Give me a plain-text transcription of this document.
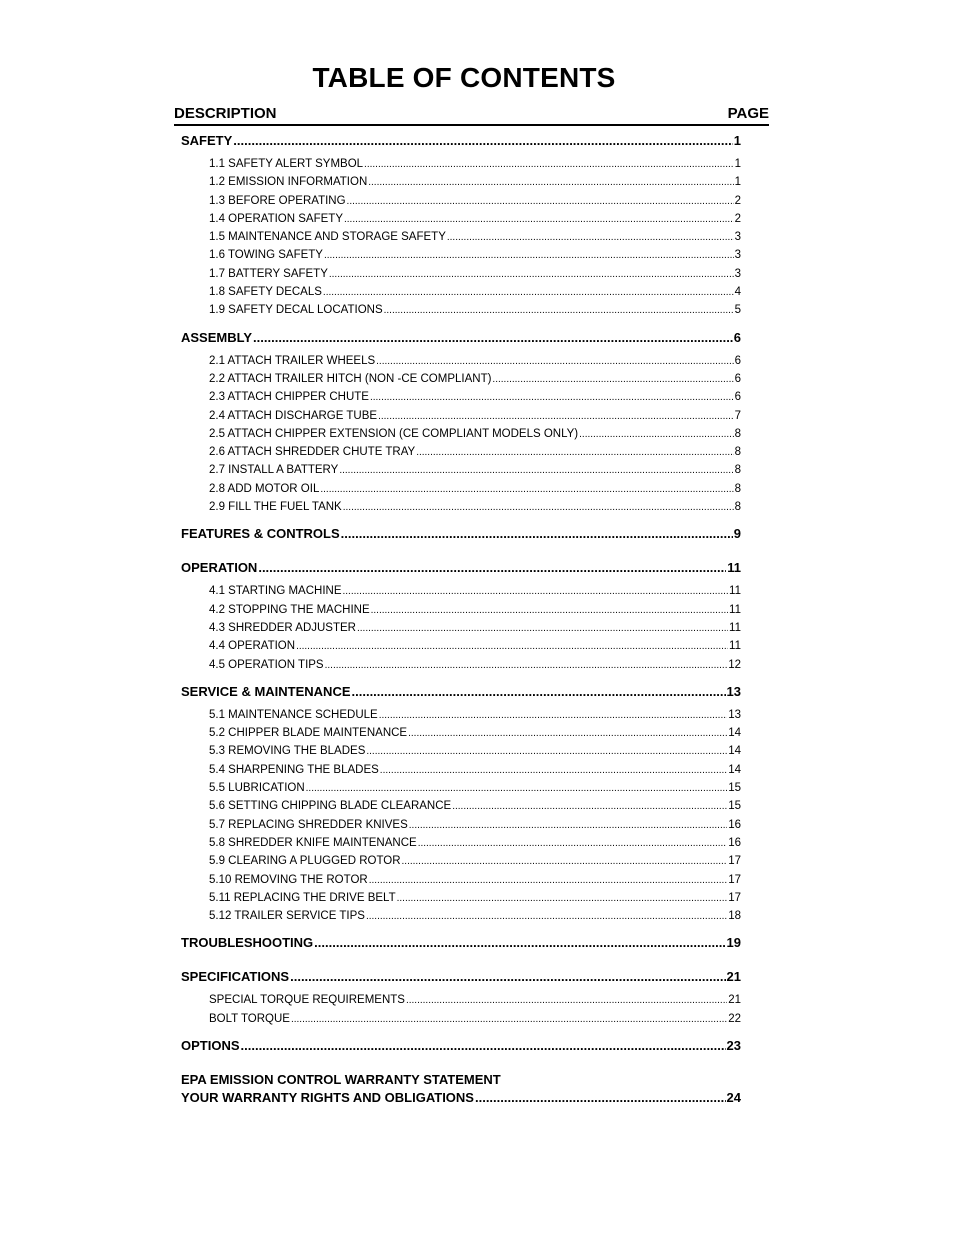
TABLE OF CONTENTS
DESCRIPTION	PAGE
SAFETY .....	1
1.1 SAFETY ALERT SYMBOL .....	1
1.2 EMISSION INFORMATION .....	1
1.3 BEFORE OPERATING .....	2
1.4 OPERATION SAFETY .....	2
1.5 MAINTENANCE AND STORAGE SAFETY .....	3
1.6 TOWING SAFETY .....	3
1.7 BATTERY SAFETY .....	3
1.8 SAFETY DECALS .....	4
1.9 SAFETY DECAL LOCATIONS .....	5
ASSEMBLY .....	6
2.1 ATTACH TRAILER WHEELS .....	6
2.2 ATTACH TRAILER HITCH (NON -CE COMPLIANT) .....	6
2.3 ATTACH CHIPPER CHUTE .....	6
2.4 ATTACH DISCHARGE TUBE .....	7
2.5 ATTACH CHIPPER EXTENSION (CE COMPLIANT MODELS ONLY) .....	8
2.6 ATTACH SHREDDER CHUTE TRAY .....	8
2.7 INSTALL A BATTERY .....	8
2.8 ADD MOTOR OIL .....	8
2.9 FILL THE FUEL TANK .....	8
FEATURES & CONTROLS .....	9
OPERATION .....	11
4.1 STARTING MACHINE .....	11
4.2 STOPPING THE MACHINE .....	11
4.3 SHREDDER ADJUSTER .....	11
4.4 OPERATION .....	11
4.5 OPERATION TIPS .....	12
SERVICE & MAINTENANCE .....	13
5.1 MAINTENANCE SCHEDULE .....	13
5.2 CHIPPER BLADE MAINTENANCE .....	14
5.3 REMOVING THE BLADES .....	14
5.4 SHARPENING THE BLADES .....	14
5.5 LUBRICATION .....	15
5.6 SETTING CHIPPING BLADE CLEARANCE .....	15
5.7 REPLACING SHREDDER KNIVES .....	16
5.8 SHREDDER KNIFE MAINTENANCE .....	16
5.9 CLEARING A PLUGGED ROTOR .....	17
5.10 REMOVING THE ROTOR .....	17
5.11 REPLACING THE DRIVE BELT .....	17
5.12 TRAILER SERVICE TIPS .....	18
TROUBLESHOOTING .....	19
SPECIFICATIONS .....	21
SPECIAL TORQUE REQUIREMENTS .....	21
BOLT TORQUE .....	22
OPTIONS .....	23
EPA EMISSION CONTROL WARRANTY STATEMENT
YOUR WARRANTY RIGHTS AND OBLIGATIONS .....	24
